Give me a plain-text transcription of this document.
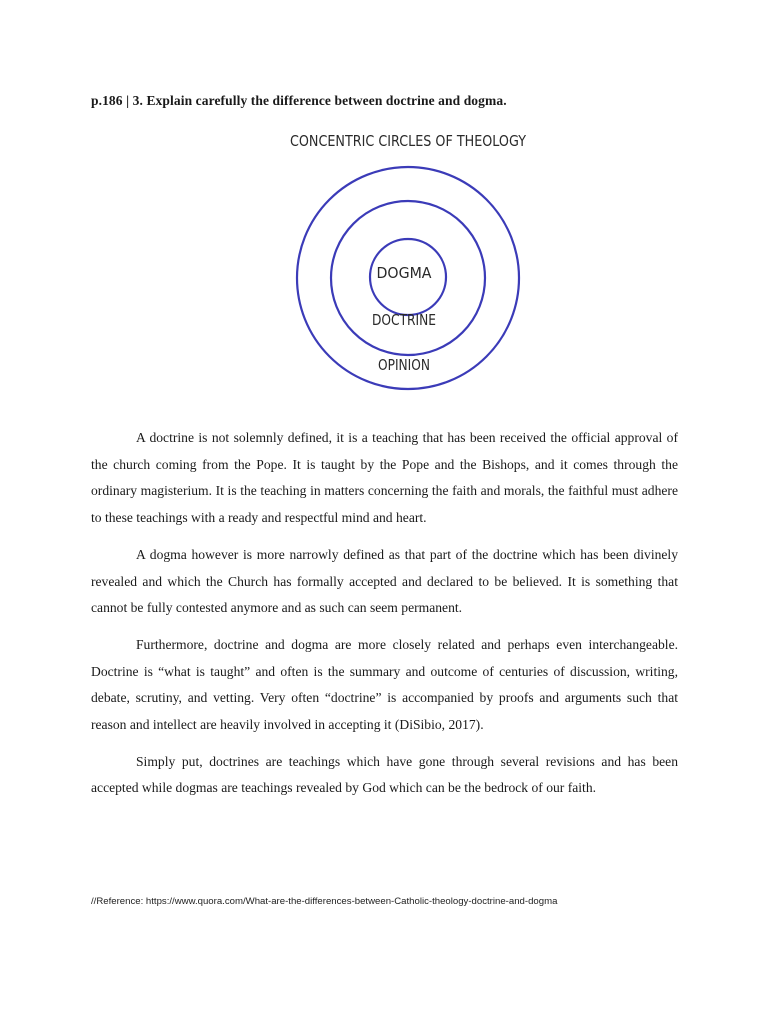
p.186 | 3. Explain carefully the difference between doctrine and dogma.
CONCENTRIC CIRCLES OF THEOLOGY
DOGMA
DOCTRINE
OPINION

A doctrine is not solemnly defined, it is a teaching that has been received the official approval of the church coming from the Pope. It is taught by the Pope and the Bishops, and it comes through the ordinary magisterium. It is the teaching in matters concerning the faith and morals, the faithful must adhere to these teachings with a ready and respectful mind and heart.

A dogma however is more narrowly defined as that part of the doctrine which has been divinely revealed and which the Church has formally accepted and declared to be believed. It is something that cannot be fully contested anymore and as such can seem permanent.

Furthermore, doctrine and dogma are more closely related and perhaps even interchangeable. Doctrine is “what is taught” and often is the summary and outcome of centuries of discussion, writing, debate, scrutiny, and vetting. Very often “doctrine” is accompanied by proofs and arguments such that reason and intellect are heavily involved in accepting it (DiSibio, 2017).

Simply put, doctrines are teachings which have gone through several revisions and has been accepted while dogmas are teachings revealed by God which can be the bedrock of our faith.

//Reference: https://www.quora.com/What-are-the-differences-between-Catholic-theology-doctrine-and-dogma
